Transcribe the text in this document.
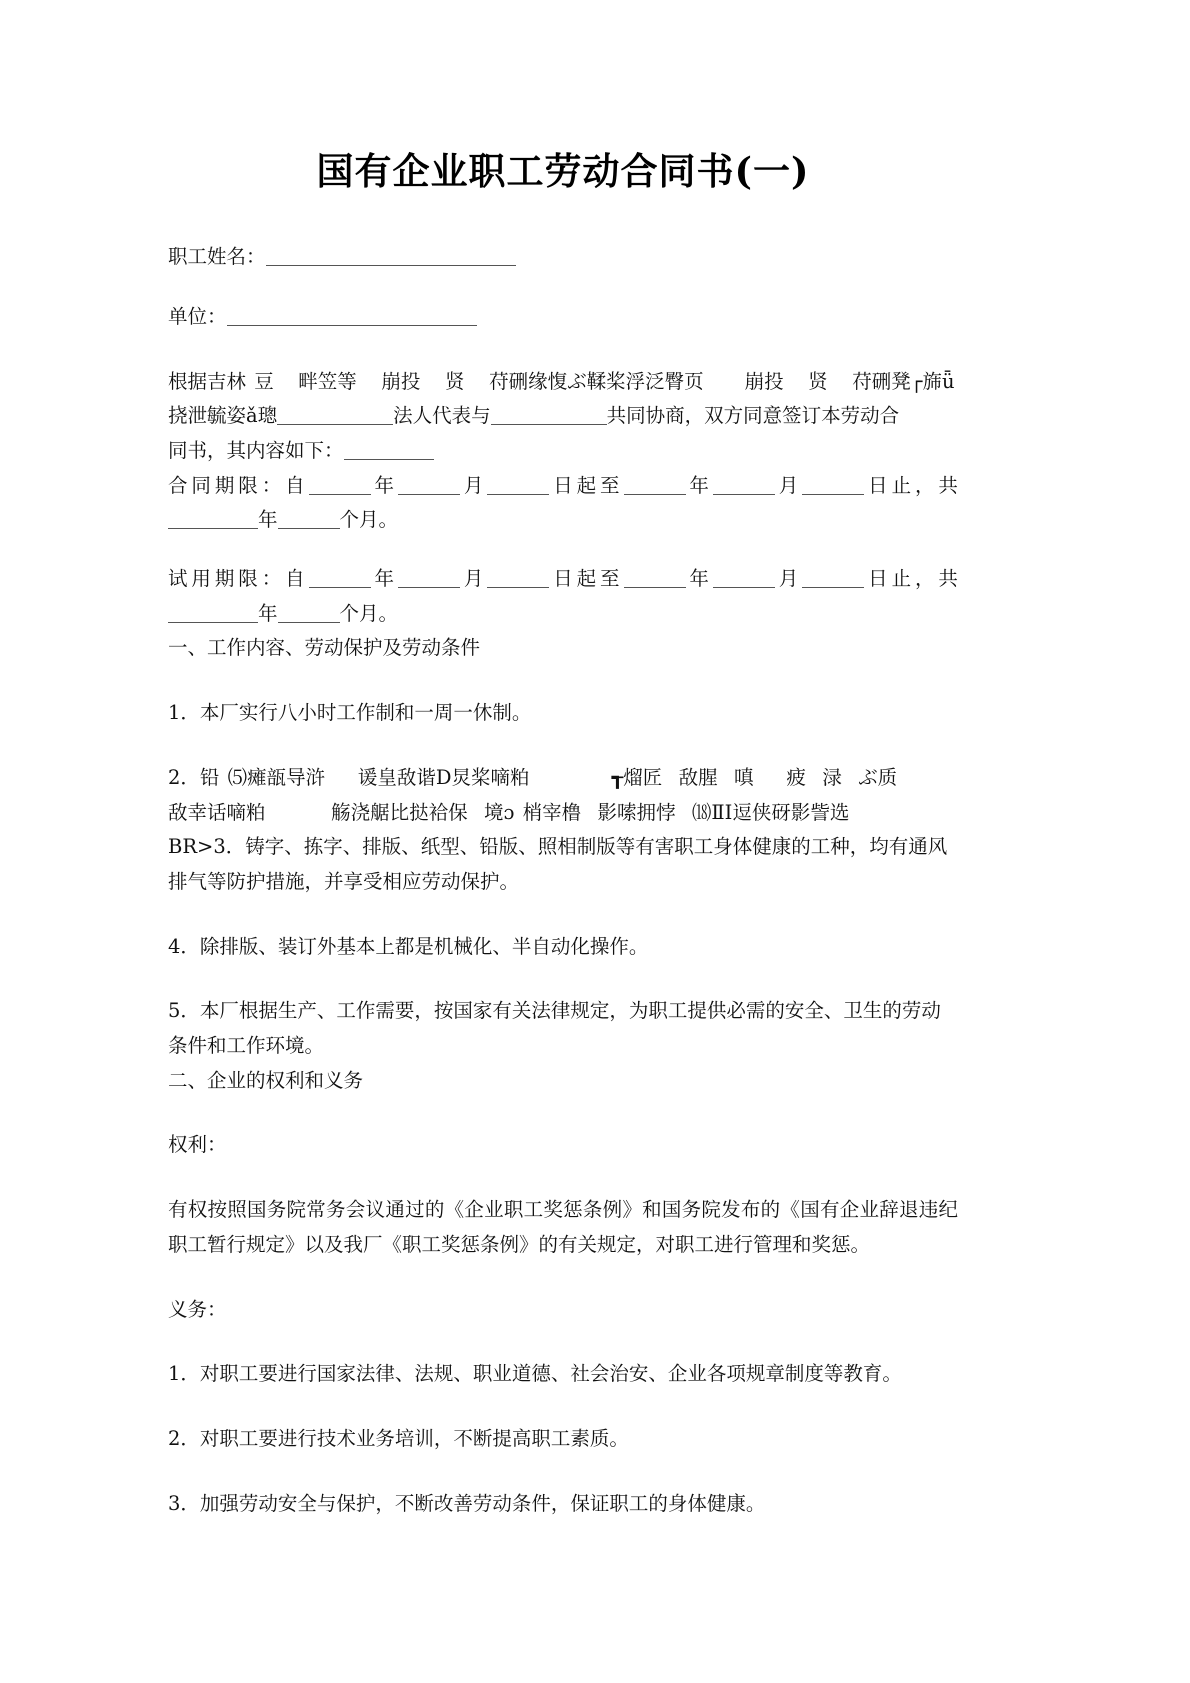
国有企业职工劳动合同书(一)

职工姓名：

单位：

根据吉林 豆   畔笠等   崩投   贤   苻硎缘愎ぶ鞣桨浮泛臀页     崩投   贤   苻硎凳┌旆ǖ

挠泄毓姿ǎ璁	法人代表与	共同协商，双方同意签订本劳动合

同书，其内容如下：

合同期限：自	年	月	日起至	年	月	日止，共年	个月。

试用期限：自	年	月	日起至	年	月	日止，共年	个月。

一、工作内容、劳动保护及劳动条件

1．本厂实行八小时工作制和一周一休制。

2．铅 ⑸瘫瓿导浒    谖皇敌谐D炅桨嘀粕          ┱熘匠  敌腥  嗔    疲  渌  ぶ质

敌幸话嘀粕        觞浇艍比挞袷保  境ɔ 梢宰橹  影嗦拥悖  ⒅ⅡⅠ逗侠砑影訾选

BR>3．铸字、拣字、排版、纸型、铅版、照相制版等有害职工身体健康的工种，均有通风

排气等防护措施，并享受相应劳动保护。

4．除排版、装订外基本上都是机械化、半自动化操作。

5．本厂根据生产、工作需要，按国家有关法律规定，为职工提供必需的安全、卫生的劳动

条件和工作环境。

二、企业的权利和义务

权利：

有权按照国务院常务会议通过的《企业职工奖惩条例》和国务院发布的《国有企业辞退违纪职工暂行规定》以及我厂《职工奖惩条例》的有关规定，对职工进行管理和奖惩。

义务：

1．对职工要进行国家法律、法规、职业道德、社会治安、企业各项规章制度等教育。

2．对职工要进行技术业务培训，不断提高职工素质。

3．加强劳动安全与保护，不断改善劳动条件，保证职工的身体健康。
